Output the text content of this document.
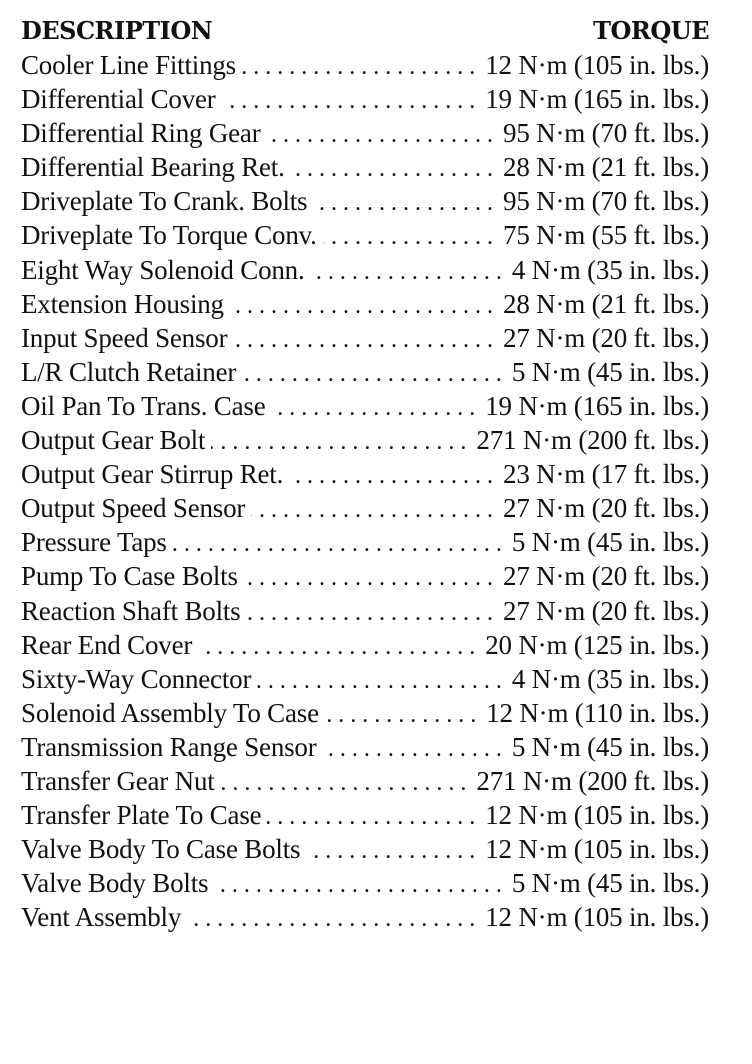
DESCRIPTION	TORQUE
Cooler Line Fittings . . .	12 N·m (105 in. lbs.)
Differential Cover . . .	19 N·m (165 in. lbs.)
Differential Ring Gear . . .	95 N·m (70 ft. lbs.)
Differential Bearing Ret. . . .	28 N·m (21 ft. lbs.)
Driveplate To Crank. Bolts . . .	95 N·m (70 ft. lbs.)
Driveplate To Torque Conv. . . .	75 N·m (55 ft. lbs.)
Eight Way Solenoid Conn. . . .	4 N·m (35 in. lbs.)
Extension Housing . . .	28 N·m (21 ft. lbs.)
Input Speed Sensor . . .	27 N·m (20 ft. lbs.)
L/R Clutch Retainer . . .	5 N·m (45 in. lbs.)
Oil Pan To Trans. Case . . .	19 N·m (165 in. lbs.)
Output Gear Bolt . . .	271 N·m (200 ft. lbs.)
Output Gear Stirrup Ret. . . .	23 N·m (17 ft. lbs.)
Output Speed Sensor . . .	27 N·m (20 ft. lbs.)
Pressure Taps . . .	5 N·m (45 in. lbs.)
Pump To Case Bolts . . .	27 N·m (20 ft. lbs.)
Reaction Shaft Bolts . . .	27 N·m (20 ft. lbs.)
Rear End Cover . . .	20 N·m (125 in. lbs.)
Sixty-Way Connector . . .	4 N·m (35 in. lbs.)
Solenoid Assembly To Case . . .	12 N·m (110 in. lbs.)
Transmission Range Sensor . . .	5 N·m (45 in. lbs.)
Transfer Gear Nut . . .	271 N·m (200 ft. lbs.)
Transfer Plate To Case . . .	12 N·m (105 in. lbs.)
Valve Body To Case Bolts . . .	12 N·m (105 in. lbs.)
Valve Body Bolts . . .	5 N·m (45 in. lbs.)
Vent Assembly . . .	12 N·m (105 in. lbs.)
